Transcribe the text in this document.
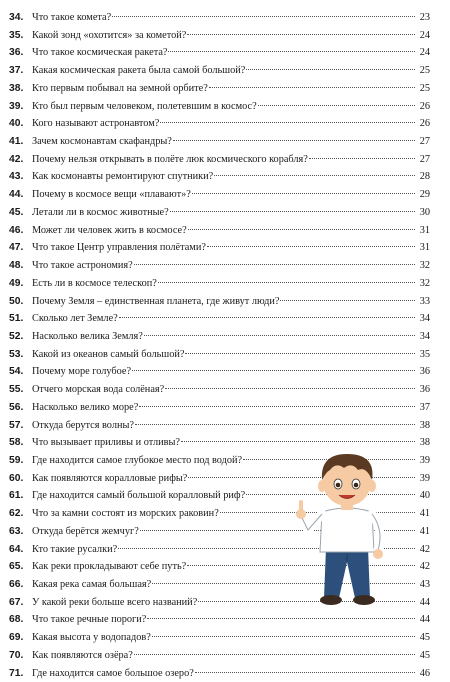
34. Что такое комета?	23
35. Какой зонд «охотится» за кометой?	24
36. Что такое космическая ракета?	24
37. Какая космическая ракета была самой большой?	25
38. Кто первым побывал на земной орбите?	25
39. Кто был первым человеком, полетевшим в космос?	26
40. Кого называют астронавтом?	26
41. Зачем космонавтам скафандры?	27
42. Почему нельзя открывать в полёте люк космического корабля?	27
43. Как космонавты ремонтируют спутники?	28
44. Почему в космосе вещи «плавают»?	29
45. Летали ли в космос животные?	30
46. Может ли человек жить в космосе?	31
47. Что такое Центр управления полётами?	31
48. Что такое астрономия?	32
49. Есть ли в космосе телескоп?	32
50. Почему Земля – единственная планета, где живут люди?	33
51. Сколько лет Земле?	34
52. Насколько велика Земля?	34
53. Какой из океанов самый большой?	35
54. Почему море голубое?	36
55. Отчего морская вода солёная?	36
56. Насколько велико море?	37
57. Откуда берутся волны?	38
58. Что вызывает приливы и отливы?	38
59. Где находится самое глубокое место под водой?	39
60. Как появляются коралловые рифы?	39
61. Где находится самый большой коралловый риф?	40
62. Что за камни состоят из морских раковин?	41
63. Откуда берётся жемчуг?	41
64. Кто такие русалки?	42
65. Как реки прокладывают себе путь?	42
66. Какая река самая большая?	43
67. У какой реки больше всего названий?	44
68. Что такое речные пороги?	44
69. Какая высота у водопадов?	45
70. Как появляются озёра?	45
71. Где находится самое большое озеро?	46
